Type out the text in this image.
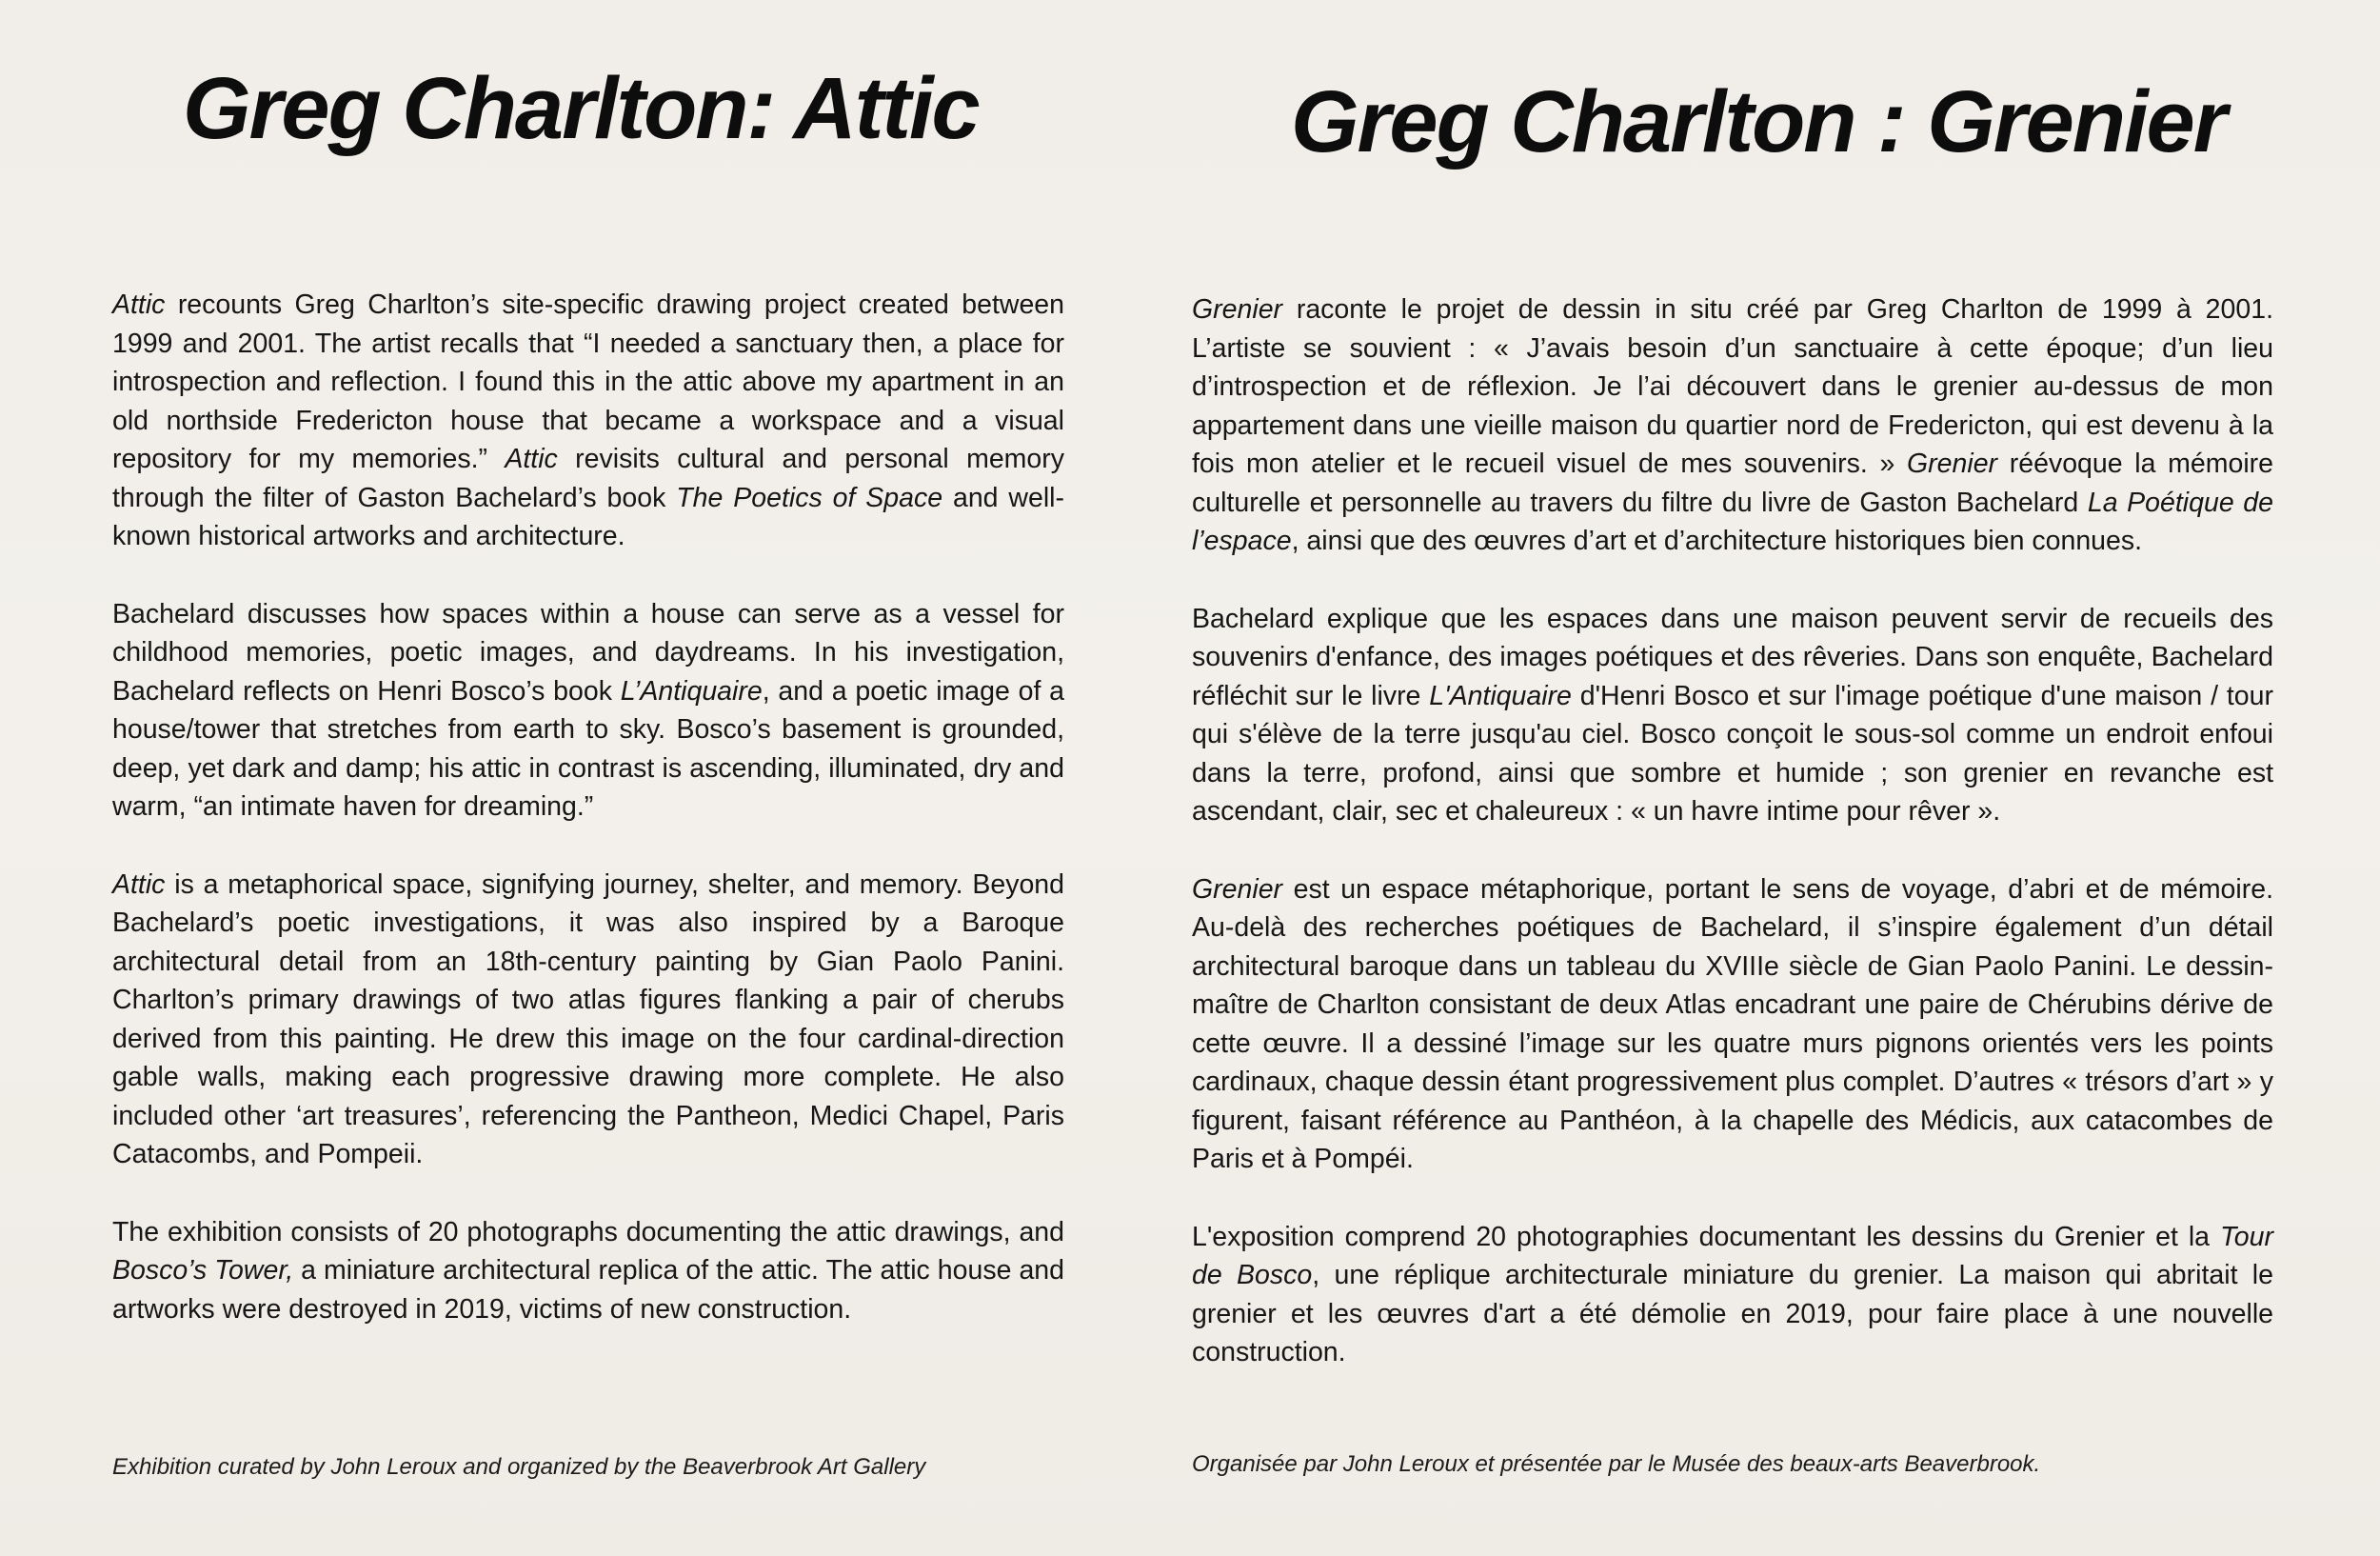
Greg Charlton: Attic

Attic recounts Greg Charlton’s site-specific drawing project created between 1999 and 2001. The artist recalls that “I needed a sanctuary then, a place for introspection and reflection. I found this in the attic above my apartment in an old northside Fredericton house that became a workspace and a visual repository for my memories.” Attic revisits cultural and personal memory through the filter of Gaston Bachelard’s book The Poetics of Space and well-known historical artworks and architecture.

Bachelard discusses how spaces within a house can serve as a vessel for childhood memories, poetic images, and daydreams. In his investigation, Bachelard reflects on Henri Bosco’s book L’Antiquaire, and a poetic image of a house/tower that stretches from earth to sky. Bosco’s basement is grounded, deep, yet dark and damp; his attic in contrast is ascending, illuminated, dry and warm, “an intimate haven for dreaming.”

Attic is a metaphorical space, signifying journey, shelter, and memory. Beyond Bachelard’s poetic investigations, it was also inspired by a Baroque architectural detail from an 18th-century painting by Gian Paolo Panini. Charlton’s primary drawings of two atlas figures flanking a pair of cherubs derived from this painting. He drew this image on the four cardinal-direction gable walls, making each progressive drawing more complete. He also included other ‘art treasures’, referencing the Pantheon, Medici Chapel, Paris Catacombs, and Pompeii.

The exhibition consists of 20 photographs documenting the attic drawings, and Bosco’s Tower, a miniature architectural replica of the attic. The attic house and artworks were destroyed in 2019, victims of new construction.

Exhibition curated by John Leroux and organized by the Beaverbrook Art Gallery
Greg Charlton : Grenier

Grenier raconte le projet de dessin in situ créé par Greg Charlton de 1999 à 2001. L’artiste se souvient : « J’avais besoin d’un sanctuaire à cette époque; d’un lieu d’introspection et de réflexion. Je l’ai découvert dans le grenier au-dessus de mon appartement dans une vieille maison du quartier nord de Fredericton, qui est devenu à la fois mon atelier et le recueil visuel de mes souvenirs. » Grenier réévoque la mémoire culturelle et personnelle au travers du filtre du livre de Gaston Bachelard La Poétique de l’espace, ainsi que des œuvres d’art et d’architecture historiques bien connues.

Bachelard explique que les espaces dans une maison peuvent servir de recueils des souvenirs d'enfance, des images poétiques et des rêveries. Dans son enquête, Bachelard réfléchit sur le livre L'Antiquaire d'Henri Bosco et sur l'image poétique d'une maison / tour qui s'élève de la terre jusqu'au ciel. Bosco conçoit le sous-sol comme un endroit enfoui dans la terre, profond, ainsi que sombre et humide ; son grenier en revanche est ascendant, clair, sec et chaleureux : « un havre intime pour rêver ».

Grenier est un espace métaphorique, portant le sens de voyage, d’abri et de mémoire. Au-delà des recherches poétiques de Bachelard, il s’inspire également d’un détail architectural baroque dans un tableau du XVIIIe siècle de Gian Paolo Panini. Le dessin-maître de Charlton consistant de deux Atlas encadrant une paire de Chérubins dérive de cette œuvre. Il a dessiné l’image sur les quatre murs pignons orientés vers les points cardinaux, chaque dessin étant progressivement plus complet. D’autres « trésors d’art » y figurent, faisant référence au Panthéon, à la chapelle des Médicis, aux catacombes de Paris et à Pompéi.

L'exposition comprend 20 photographies documentant les dessins du Grenier et la Tour de Bosco, une réplique architecturale miniature du grenier. La maison qui abritait le grenier et les œuvres d'art a été démolie en 2019, pour faire place à une nouvelle construction.

Organisée par John Leroux et présentée par le Musée des beaux-arts Beaverbrook.
